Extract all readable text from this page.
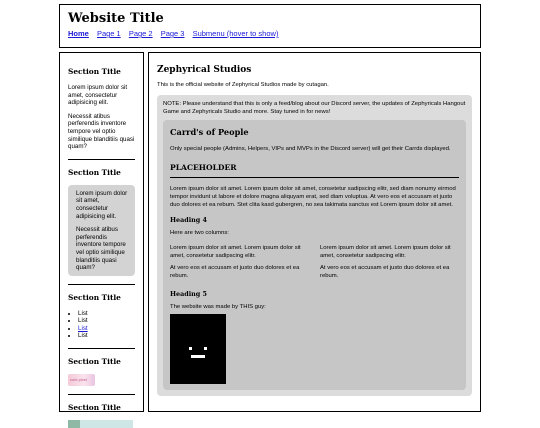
Website Title
Home Page 1 Page 2 Page 3 Submenu (hover to show)
Section Title

Lorem ipsum dolor sit amet, consectetur adipisicing elit.

Necessit atibus perferendis inventore tempore vel optio similique blanditiis quasi quam?

Section Title

Lorem ipsum dolor sit amet, consectetur adipisicing elit.

Necessit atibus perferendis inventore tempore vel optio similique blanditiis quasi quam?

Section Title
• List
• List
• List
• List
Section Title
cute pixel
Section Title
Zephyrical Studios

This is the official website of Zephyrical Studios made by cutagan.

NOTE: Please understand that this is only a feed/blog about our Discord server, the updates of Zephyricals Hangout Game and Zephyricals Studio and more. Stay tuned in for news!

Carrd's of People

Only special people (Admins, Helpers, VIPs and MVPs in the Discord server) will get their Carrds displayed.

PLACEHOLDER

Lorem ipsum dolor sit amet. Lorem ipsum dolor sit amet, consetetur sadipscing elitr, sed diam nonumy eirmod tempor invidunt ut labore et dolore magna aliquyam erat, sed diam voluptua. At vero eos et accusam et justo duo dolores et ea rebum. Stet clita kasd gubergren, no sea takimata sanctus est Lorem ipsum dolor sit amet.

Heading 4

Here are two columns:

Lorem ipsum dolor sit amet. Lorem ipsum dolor sit amet, consetetur sadipscing elitr.

At vero eos et accusam et justo duo dolores et ea rebum.

Lorem ipsum dolor sit amet. Lorem ipsum dolor sit amet, consetetur sadipscing elitr.

At vero eos et accusam et justo duo dolores et ea rebum.

Heading 5

The website was made by THIS guy:
